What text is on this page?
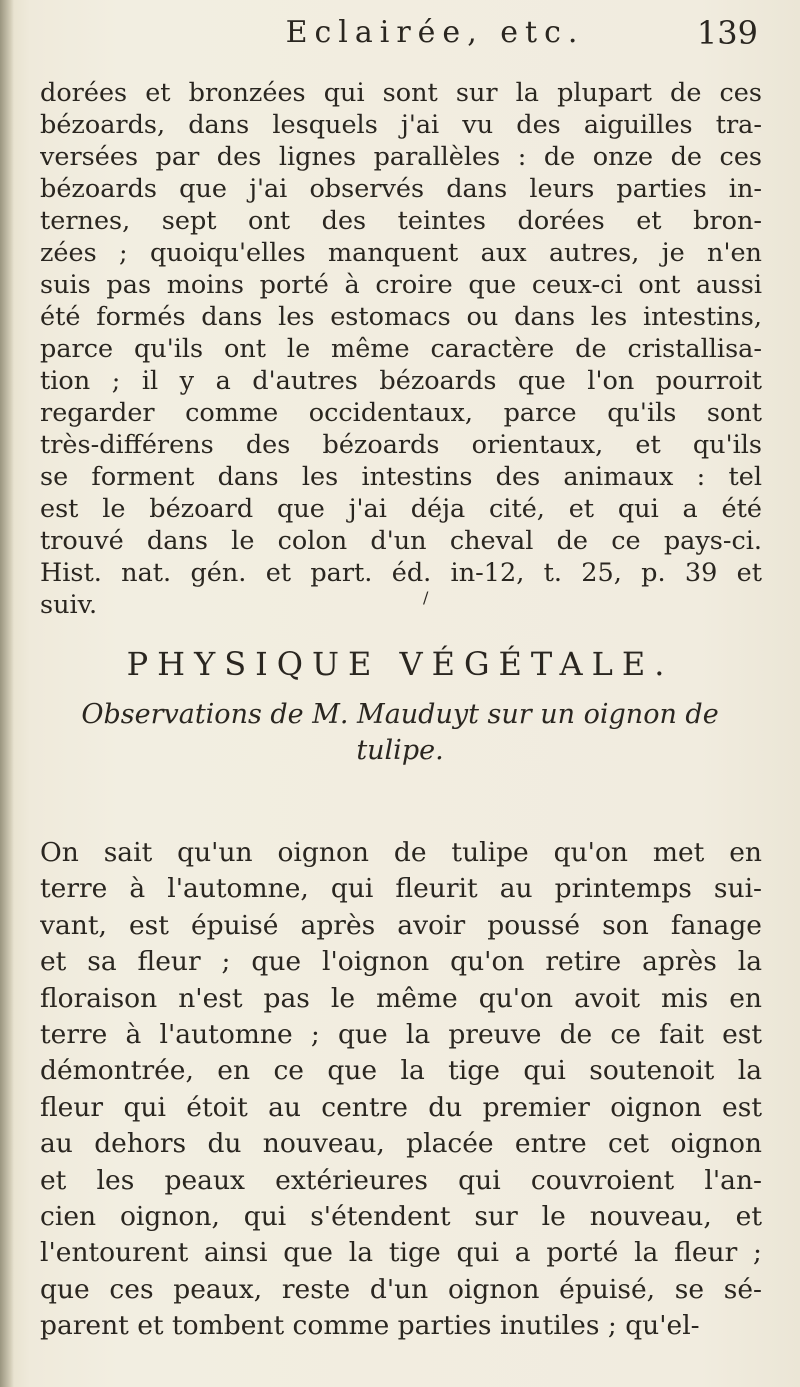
Eclairée, etc.	139
dorées et bronzées qui sont sur la plupart de ces
bézoards, dans lesquels j'ai vu des aiguilles tra-
versées par des lignes parallèles : de onze de ces
bézoards que j'ai observés dans leurs parties in-
ternes, sept ont des teintes dorées et bron-
zées ; quoiqu'elles manquent aux autres, je n'en
suis pas moins porté à croire que ceux-ci ont aussi
été formés dans les estomacs ou dans les intestins,
parce qu'ils ont le même caractère de cristallisa-
tion ; il y a d'autres bézoards que l'on pourroit
regarder comme occidentaux, parce qu'ils sont
très-différens des bézoards orientaux, et qu'ils
se forment dans les intestins des animaux : tel
est le bézoard que j'ai déja cité, et qui a été
trouvé dans le colon d'un cheval de ce pays-ci.
Hist. nat. gén. et part. éd. in-12, t. 25, p. 39 et
suiv.	/
PHYSIQUE VÉGÉTALE.
Observations de M. Mauduyt sur un oignon de tulipe.
On sait qu'un oignon de tulipe qu'on met en
terre à l'automne, qui fleurit au printemps sui-
vant, est épuisé après avoir poussé son fanage
et sa fleur ; que l'oignon qu'on retire après la
floraison n'est pas le même qu'on avoit mis en
terre à l'automne ; que la preuve de ce fait est
démontrée, en ce que la tige qui soutenoit la
fleur qui étoit au centre du premier oignon est
au dehors du nouveau, placée entre cet oignon
et les peaux extérieures qui couvroient l'an-
cien oignon, qui s'étendent sur le nouveau, et
l'entourent ainsi que la tige qui a porté la fleur ;
que ces peaux, reste d'un oignon épuisé, se sé-
parent et tombent comme parties inutiles ; qu'el-
